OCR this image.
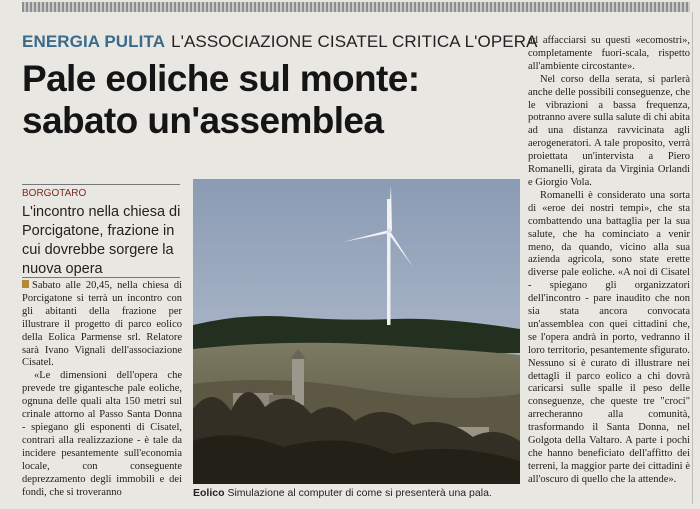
ENERGIA PULITA L'ASSOCIAZIONE CISATEL CRITICA L'OPERA
Pale eoliche sul monte:
sabato un'assemblea
BORGOTARO
L'incontro nella chiesa di Porcigatone, frazione in cui dovrebbe sorgere la nuova opera

Sabato alle 20,45, nella chiesa di Porcigatone si terrà un incontro con gli abitanti della frazione per illustrare il progetto di parco eolico della Eolica Parmense srl. Relatore sarà Ivano Vignali dell'associazione Cisatel.

«Le dimensioni dell'opera che prevede tre gigantesche pale eoliche, ognuna delle quali alta 150 metri sul crinale attorno al Passo Santa Donna - spiegano gli esponenti di Cisatel, contrari alla realizzazione - è tale da incidere pesantemente sull'economia locale, con conseguente deprezzamento degli immobili e dei fondi, che si troveranno	Eolico Simulazione al computer di come si presenterà una pala.

ad affacciarsi su questi «ecomostri», completamente fuori-scala, rispetto all'ambiente circostante».

Nel corso della serata, si parlerà anche delle possibili conseguenze, che le vibrazioni a bassa frequenza, potranno avere sulla salute di chi abita ad una distanza ravvicinata agli aerogeneratori. A tale proposito, verrà proiettata un'intervista a Piero Romanelli, girata da Virginia Orlandi e Giorgio Vola.

Romanelli è considerato una sorta di «eroe dei nostri tempi», che sta combattendo una battaglia per la sua salute, che ha cominciato a venir meno, da quando, vicino alla sua azienda agricola, sono state erette diverse pale eoliche. «A noi di Cisatel - spiegano gli organizzatori dell'incontro - pare inaudito che non sia stata ancora convocata un'assemblea con quei cittadini che, se l'opera andrà in porto, vedranno il loro territorio, pesantemente sfigurato. Nessuno si è curato di illustrare nei dettagli il parco eolico a chi dovrà caricarsi sulle spalle il peso delle conseguenze, che queste tre "croci" arrecheranno alla comunità, trasformando il Santa Donna, nel Golgota della Valtaro. A parte i pochi che hanno beneficiato dell'affitto dei terreni, la maggior parte dei cittadini è all'oscuro di quello che la attende».
